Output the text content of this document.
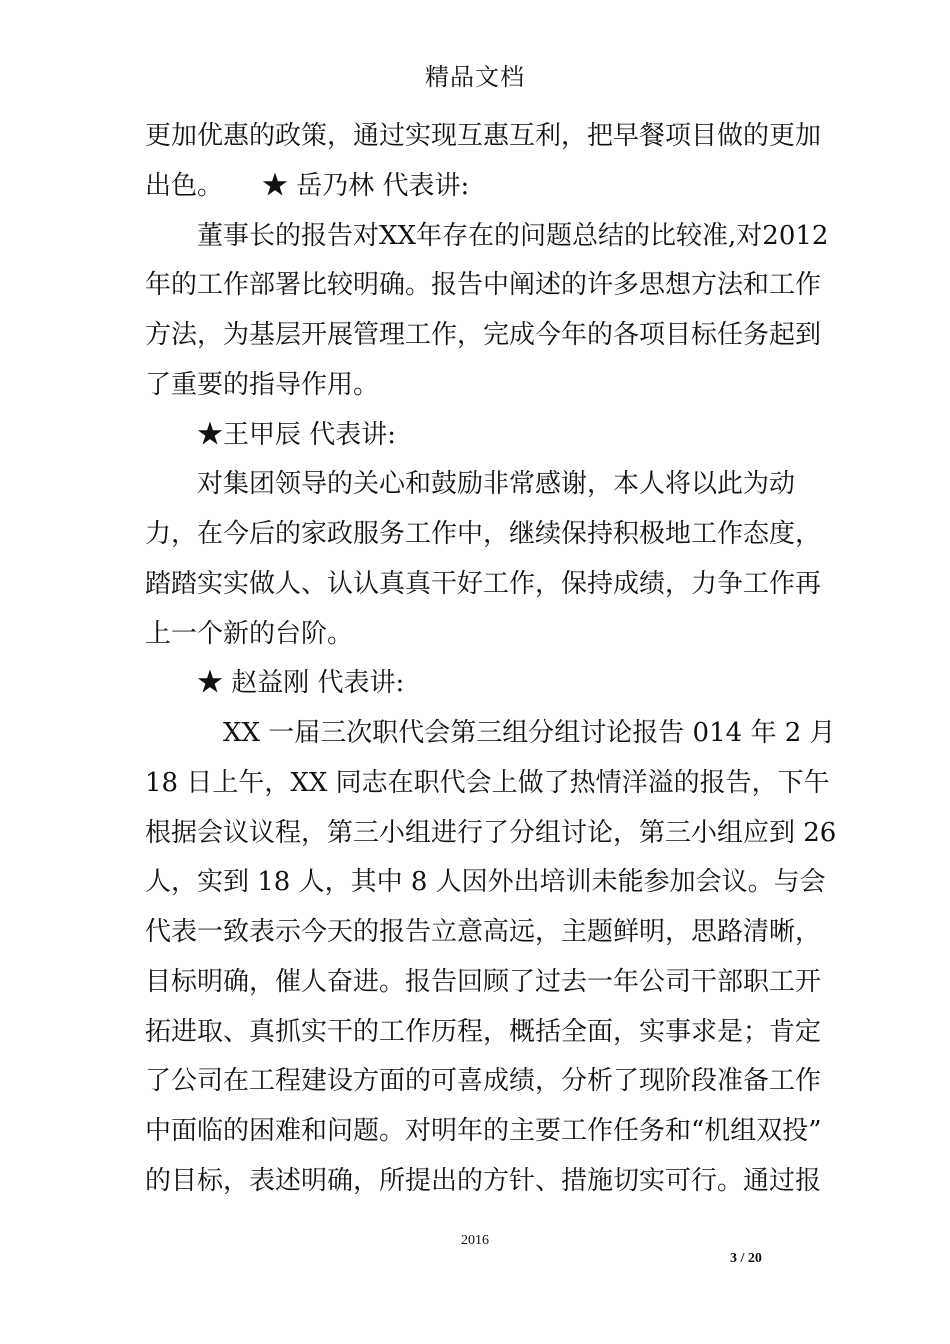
精品文档
更加优惠的政策，通过实现互惠互利，把早餐项目做的更加
出色。　　★ 岳乃林 代表讲:
　　董事长的报告对XX年存在的问题总结的比较准,对2012
年的工作部署比较明确。报告中阐述的许多思想方法和工作
方法，为基层开展管理工作，完成今年的各项目标任务起到
了重要的指导作用。
　　★王甲辰 代表讲:
　　对集团领导的关心和鼓励非常感谢，本人将以此为动
力，在今后的家政服务工作中，继续保持积极地工作态度，
踏踏实实做人、认认真真干好工作，保持成绩，力争工作再
上一个新的台阶。
　　★ 赵益刚 代表讲:
　　　XX 一届三次职代会第三组分组讨论报告 014 年 2 月
18 日上午，XX 同志在职代会上做了热情洋溢的报告，下午
根据会议议程，第三小组进行了分组讨论，第三小组应到 26
人，实到 18 人，其中 8 人因外出培训未能参加会议。与会
代表一致表示今天的报告立意高远，主题鲜明，思路清晰，
目标明确，催人奋进。报告回顾了过去一年公司干部职工开
拓进取、真抓实干的工作历程，概括全面，实事求是；肯定
了公司在工程建设方面的可喜成绩，分析了现阶段准备工作
中面临的困难和问题。对明年的主要工作任务和“机组双投”
的目标，表述明确，所提出的方针、措施切实可行。通过报
2016
3 / 20
